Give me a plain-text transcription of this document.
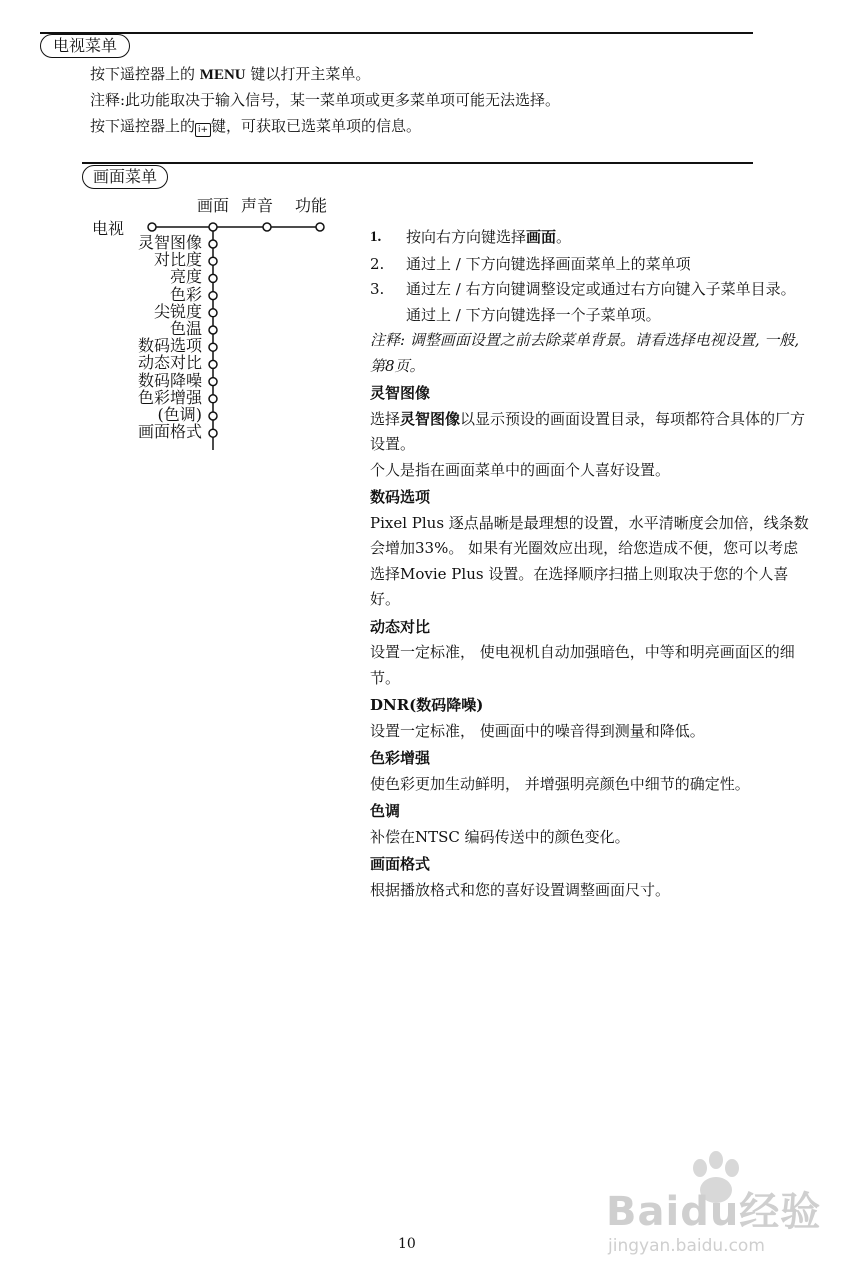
电视菜单
按下遥控器上的 MENU 键以打开主菜单。
注释:此功能取决于输入信号，某一菜单项或更多菜单项可能无法选择。
按下遥控器上的 i+ 键，可获取已选菜单项的信息。
画面菜单
电视
画面 声音 功能
灵智图像
对比度
亮度
色彩
尖锐度
色温
数码选项
动态对比
数码降噪
色彩增强
(色调)
画面格式
1. 按向右方向键选择画面。
2. 通过上 / 下方向键选择画面菜单上的菜单项
3. 通过左 / 右方向键调整设定或通过右方向键入子菜单目录。通过上 / 下方向键选择一个子菜单项。
注释: 调整画面设置之前去除菜单背景。请看选择电视设置, 一般, 第8页。
灵智图像
选择灵智图像以显示预设的画面设置目录，每项都符合具体的厂方设置。
个人是指在画面菜单中的画面个人喜好设置。
数码选项
Pixel Plus 逐点晶晰是最理想的设置，水平清晰度会加倍，线条数会增加33%。 如果有光圈效应出现，给您造成不便，您可以考虑选择Movie Plus 设置。在选择顺序扫描上则取决于您的个人喜好。
动态对比
设置一定标准， 使电视机自动加强暗色，中等和明亮画面区的细节。
DNR(数码降噪)
设置一定标准， 使画面中的噪音得到测量和降低。
色彩增强
使色彩更加生动鲜明， 并增强明亮颜色中细节的确定性。
色调
补偿在NTSC 编码传送中的颜色变化。
画面格式
根据播放格式和您的喜好设置调整画面尺寸。
10
Baidu经验
jingyan.baidu.com
